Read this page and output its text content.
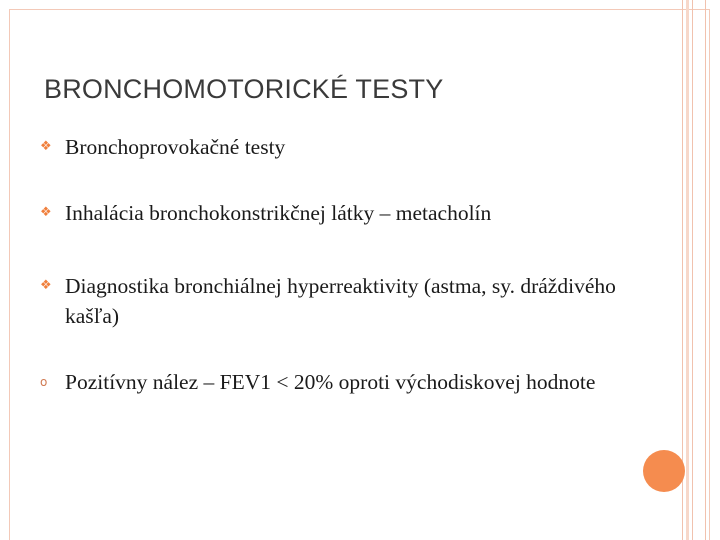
BRONCHOMOTORICKÉ TESTY
❖ Bronchoprovokačné testy
❖ Inhalácia bronchokonstrikčnej látky – metacholín
❖ Diagnostika bronchiálnej hyperreaktivity (astma, sy. dráždivého kašľa)
o Pozitívny nález – FEV1 < 20% oproti východiskovej hodnote
